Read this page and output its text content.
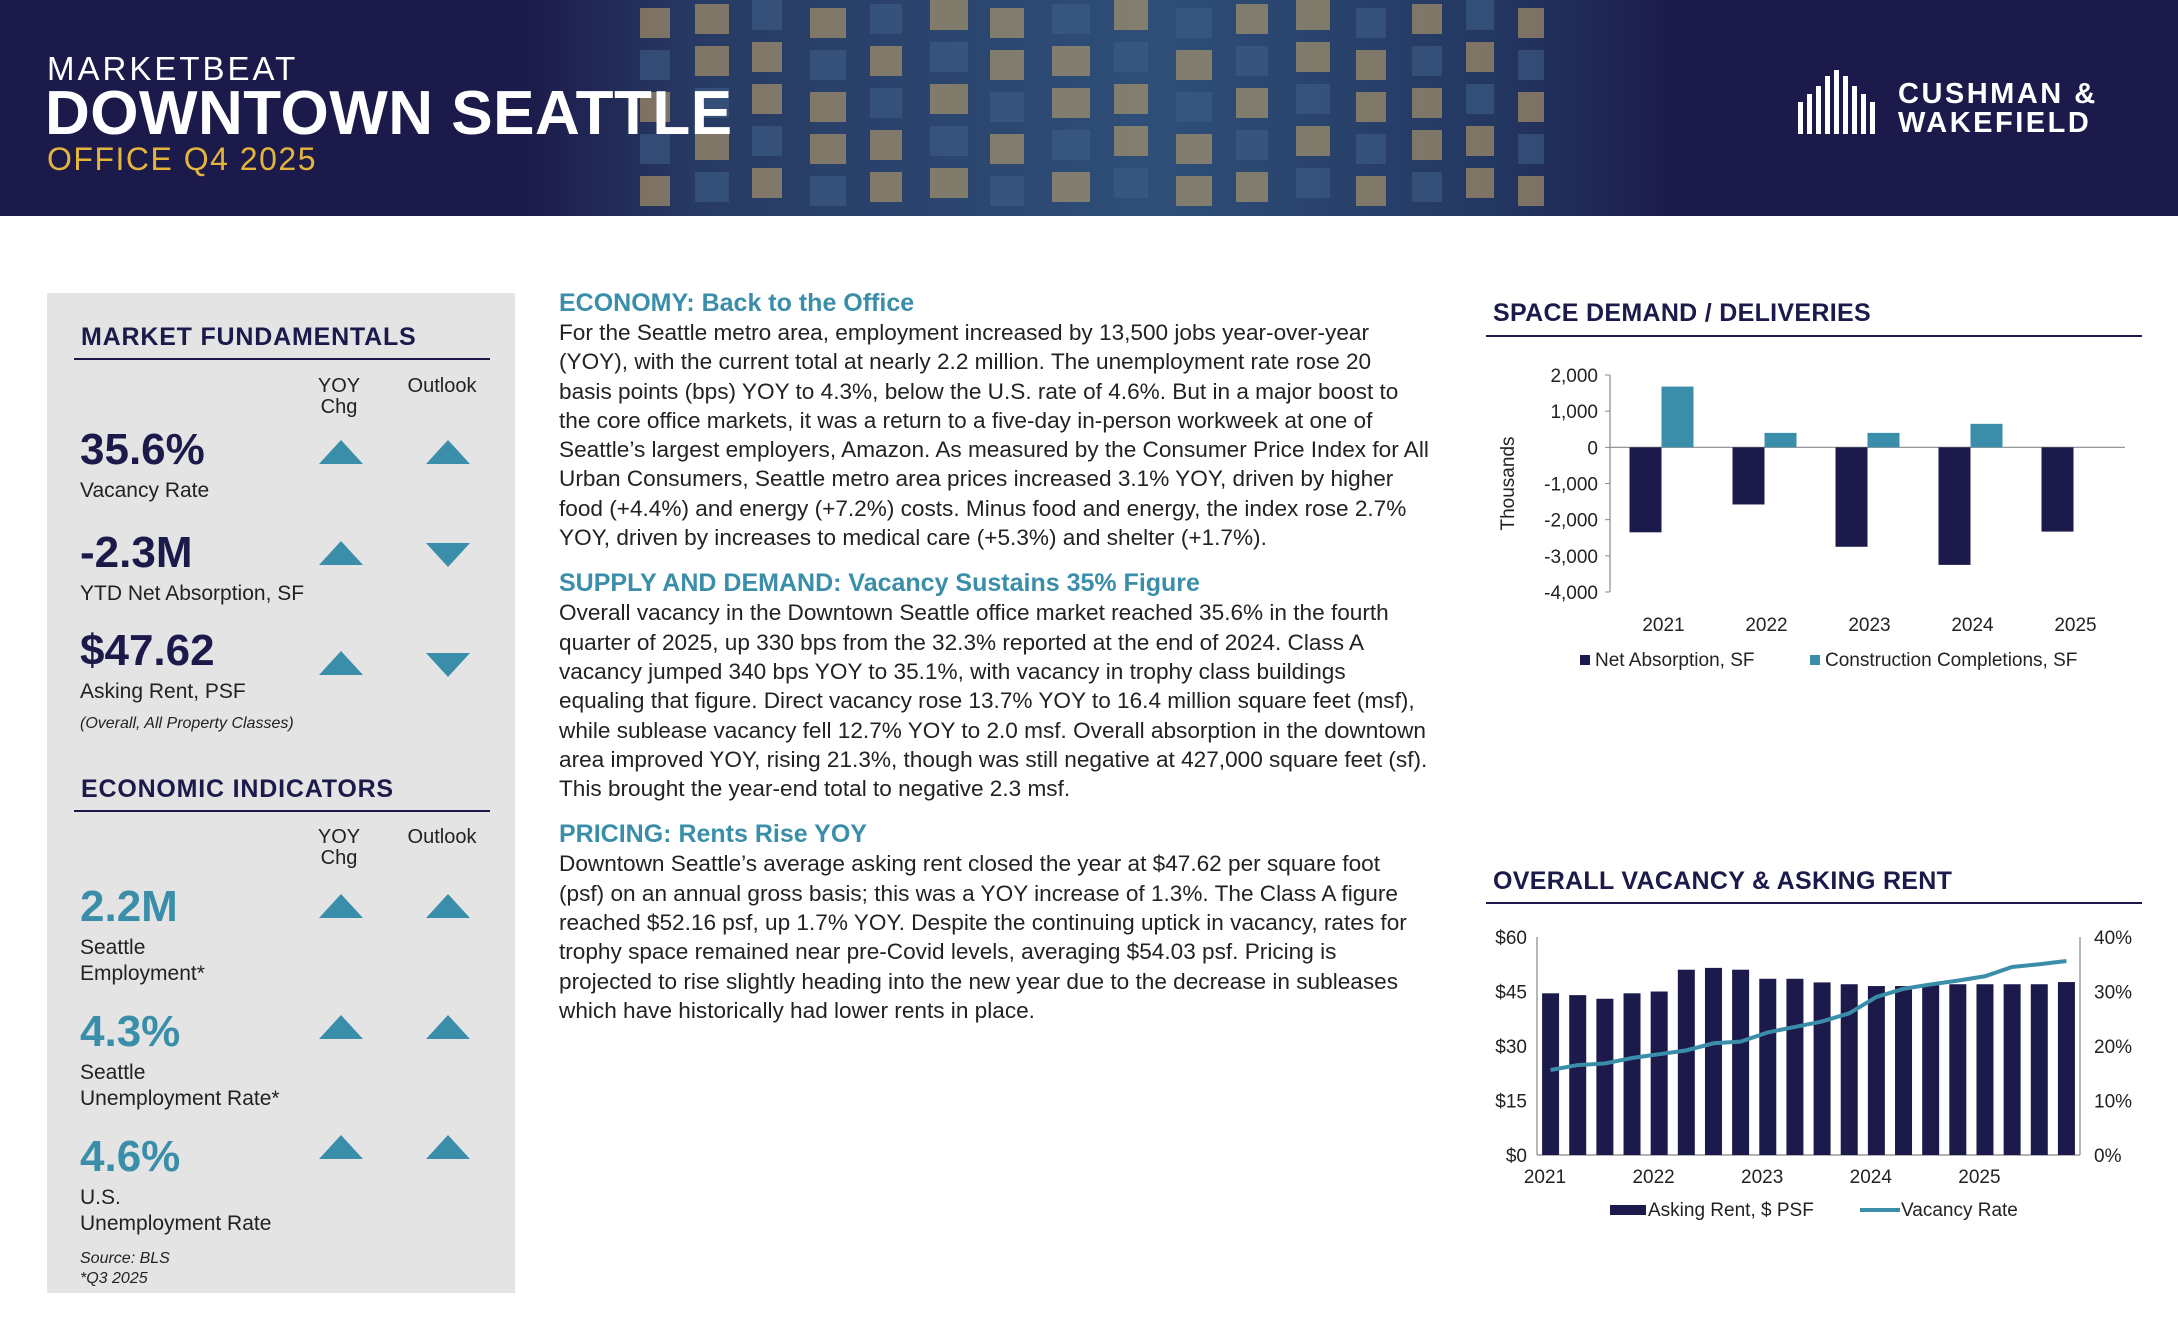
MARKETBEAT
DOWNTOWN SEATTLE
OFFICE Q4 2025
CUSHMAN &
WAKEFIELD
MARKET FUNDAMENTALS
YOY
Chg
Outlook
35.6%
Vacancy Rate
-2.3M
YTD Net Absorption, SF
$47.62
Asking Rent, PSF
(Overall, All Property Classes)
ECONOMIC INDICATORS
YOY
Chg
Outlook
2.2M
Seattle
Employment*
4.3%
Seattle
Unemployment Rate*
4.6%
U.S.
Unemployment Rate
Source: BLS
*Q3 2025
ECONOMY: Back to the Office

For the Seattle metro area, employment increased by 13,500 jobs year-over-year (YOY), with the current total at nearly 2.2 million. The unemployment rate rose 20 basis points (bps) YOY to 4.3%, below the U.S. rate of 4.6%. But in a major boost to the core office markets, it was a return to a five-day in-person workweek at one of Seattle’s largest employers, Amazon. As measured by the Consumer Price Index for All Urban Consumers, Seattle metro area prices increased 3.1% YOY, driven by higher food (+4.4%) and energy (+7.2%) costs. Minus food and energy, the index rose 2.7% YOY, driven by increases to medical care (+5.3%) and shelter (+1.7%).

SUPPLY AND DEMAND: Vacancy Sustains 35% Figure

Overall vacancy in the Downtown Seattle office market reached 35.6% in the fourth quarter of 2025, up 330 bps from the 32.3% reported at the end of 2024. Class A vacancy jumped 340 bps YOY to 35.1%, with vacancy in trophy class buildings equaling that figure. Direct vacancy rose 13.7% YOY to 16.4 million square feet (msf), while sublease vacancy fell 12.7% YOY to 2.0 msf. Overall absorption in the downtown area improved YOY, rising 21.3%, though was still negative at 427,000 square feet (sf). This brought the year-end total to negative 2.3 msf.

PRICING: Rents Rise YOY

Downtown Seattle’s average asking rent closed the year at $47.62 per square foot (psf) on an annual gross basis; this was a YOY increase of 1.3%. The Class A figure reached $52.16 psf, up 1.7% YOY. Despite the continuing uptick in vacancy, rates for trophy space remained near pre-Covid levels, averaging $54.03 psf. Pricing is projected to rise slightly heading into the new year due to the decrease in subleases which have historically had lower rents in place.

SPACE DEMAND / DELIVERIES
2,000
1,000
0
-1,000
-2,000
-3,000
-4,000
Thousands
2021	2022	2023	2024	2025
Net Absorption, SF	Construction Completions, SF
OVERALL VACANCY & ASKING RENT
$60
$45
$30
$15
$0
40%
30%
20%
10%
0%
2021	2022	2023	2024	2025
Asking Rent, $ PSF	Vacancy Rate
